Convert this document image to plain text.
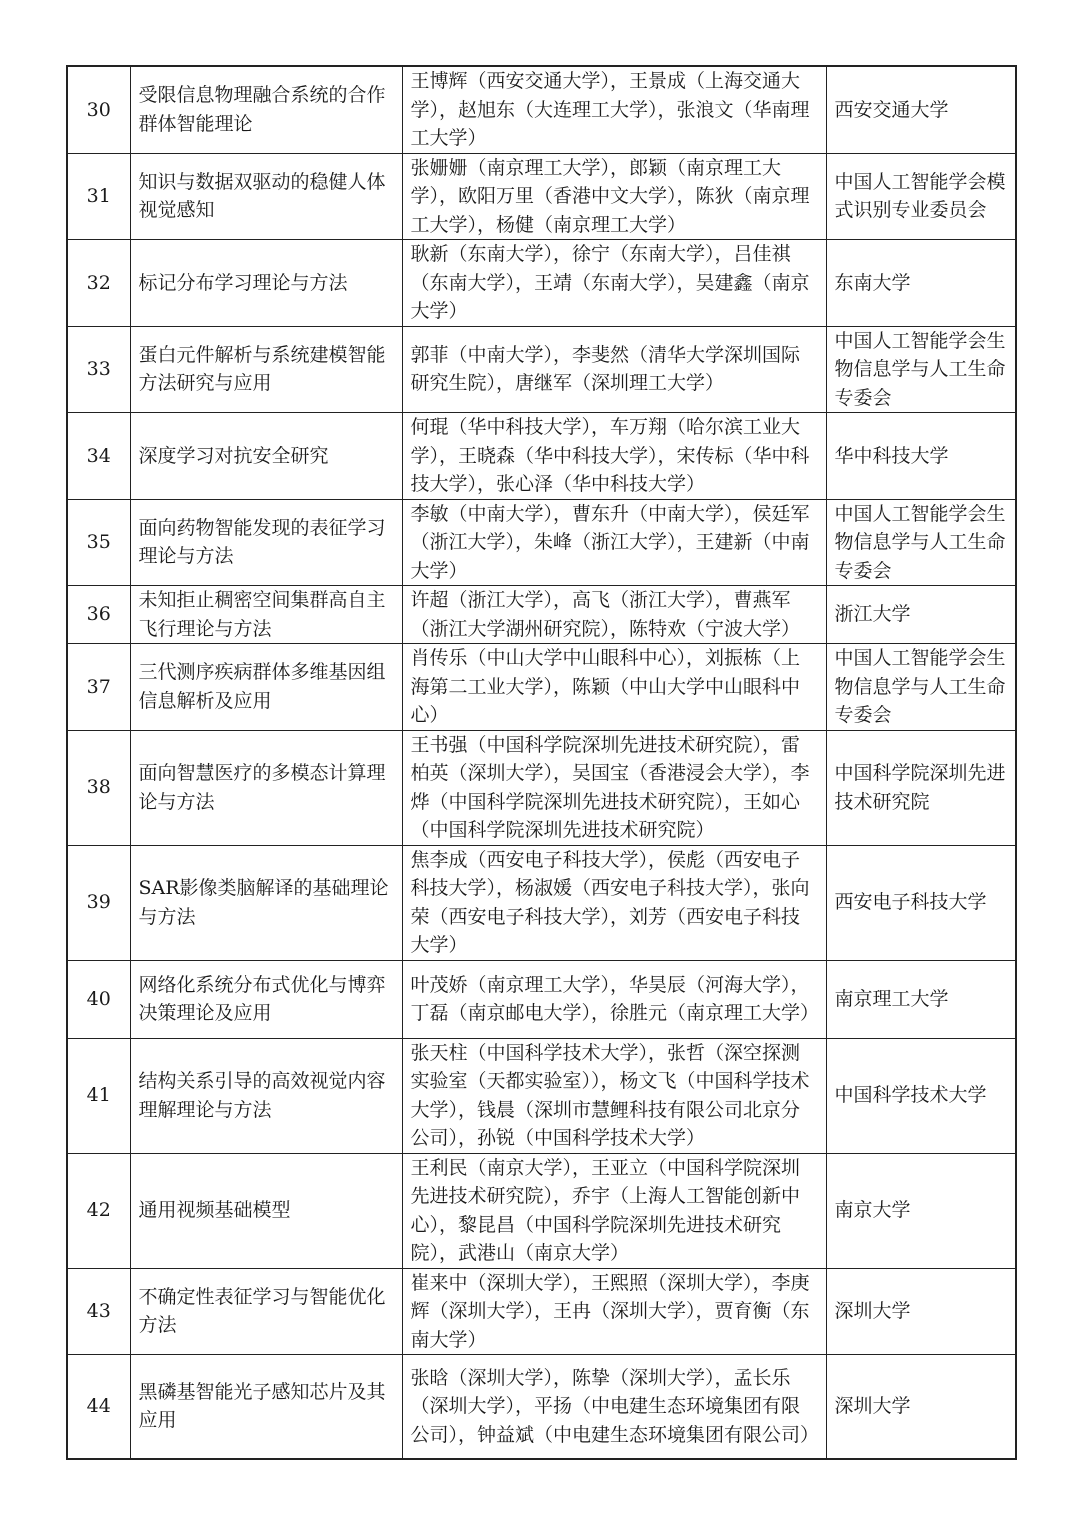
30	受限信息物理融合系统的合作群体智能理论	王博辉（西安交通大学），王景成（上海交通大学），赵旭东（大连理工大学），张浪文（华南理工大学）	西安交通大学
31	知识与数据双驱动的稳健人体视觉感知	张姗姗（南京理工大学），郎颖（南京理工大学），欧阳万里（香港中文大学），陈狄（南京理工大学），杨健（南京理工大学）	中国人工智能学会模式识别专业委员会
32	标记分布学习理论与方法	耿新（东南大学），徐宁（东南大学），吕佳祺（东南大学），王靖（东南大学），吴建鑫（南京大学）	东南大学
33	蛋白元件解析与系统建模智能方法研究与应用	郭菲（中南大学），李斐然（清华大学深圳国际研究生院），唐继军（深圳理工大学）	中国人工智能学会生物信息学与人工生命专委会
34	深度学习对抗安全研究	何琨（华中科技大学），车万翔（哈尔滨工业大学），王晓森（华中科技大学），宋传标（华中科技大学），张心泽（华中科技大学）	华中科技大学
35	面向药物智能发现的表征学习理论与方法	李敏（中南大学），曹东升（中南大学），侯廷军（浙江大学），朱峰（浙江大学），王建新（中南大学）	中国人工智能学会生物信息学与人工生命专委会
36	未知拒止稠密空间集群高自主飞行理论与方法	许超（浙江大学），高飞（浙江大学），曹燕军（浙江大学湖州研究院），陈特欢（宁波大学）	浙江大学
37	三代测序疾病群体多维基因组信息解析及应用	肖传乐（中山大学中山眼科中心），刘振栋（上海第二工业大学），陈颖（中山大学中山眼科中心）	中国人工智能学会生物信息学与人工生命专委会
38	面向智慧医疗的多模态计算理论与方法	王书强（中国科学院深圳先进技术研究院），雷柏英（深圳大学），吴国宝（香港浸会大学），李烨（中国科学院深圳先进技术研究院），王如心（中国科学院深圳先进技术研究院）	中国科学院深圳先进技术研究院
39	SAR影像类脑解译的基础理论与方法	焦李成（西安电子科技大学），侯彪（西安电子科技大学），杨淑媛（西安电子科技大学），张向荣（西安电子科技大学），刘芳（西安电子科技大学）	西安电子科技大学
40	网络化系统分布式优化与博弈决策理论及应用	叶茂娇（南京理工大学），华昊辰（河海大学），丁磊（南京邮电大学），徐胜元（南京理工大学）	南京理工大学
41	结构关系引导的高效视觉内容理解理论与方法	张天柱（中国科学技术大学），张哲（深空探测实验室（天都实验室）），杨文飞（中国科学技术大学），钱晨（深圳市慧鲤科技有限公司北京分公司），孙锐（中国科学技术大学）	中国科学技术大学
42	通用视频基础模型	王利民（南京大学），王亚立（中国科学院深圳先进技术研究院），乔宇（上海人工智能创新中心），黎昆昌（中国科学院深圳先进技术研究院），武港山（南京大学）	南京大学
43	不确定性表征学习与智能优化方法	崔来中（深圳大学），王熙照（深圳大学），李庚辉（深圳大学），王冉（深圳大学），贾育衡（东南大学）	深圳大学
44	黑磷基智能光子感知芯片及其应用	张晗（深圳大学），陈挚（深圳大学），孟长乐（深圳大学），平扬（中电建生态环境集团有限公司），钟益斌（中电建生态环境集团有限公司）	深圳大学
